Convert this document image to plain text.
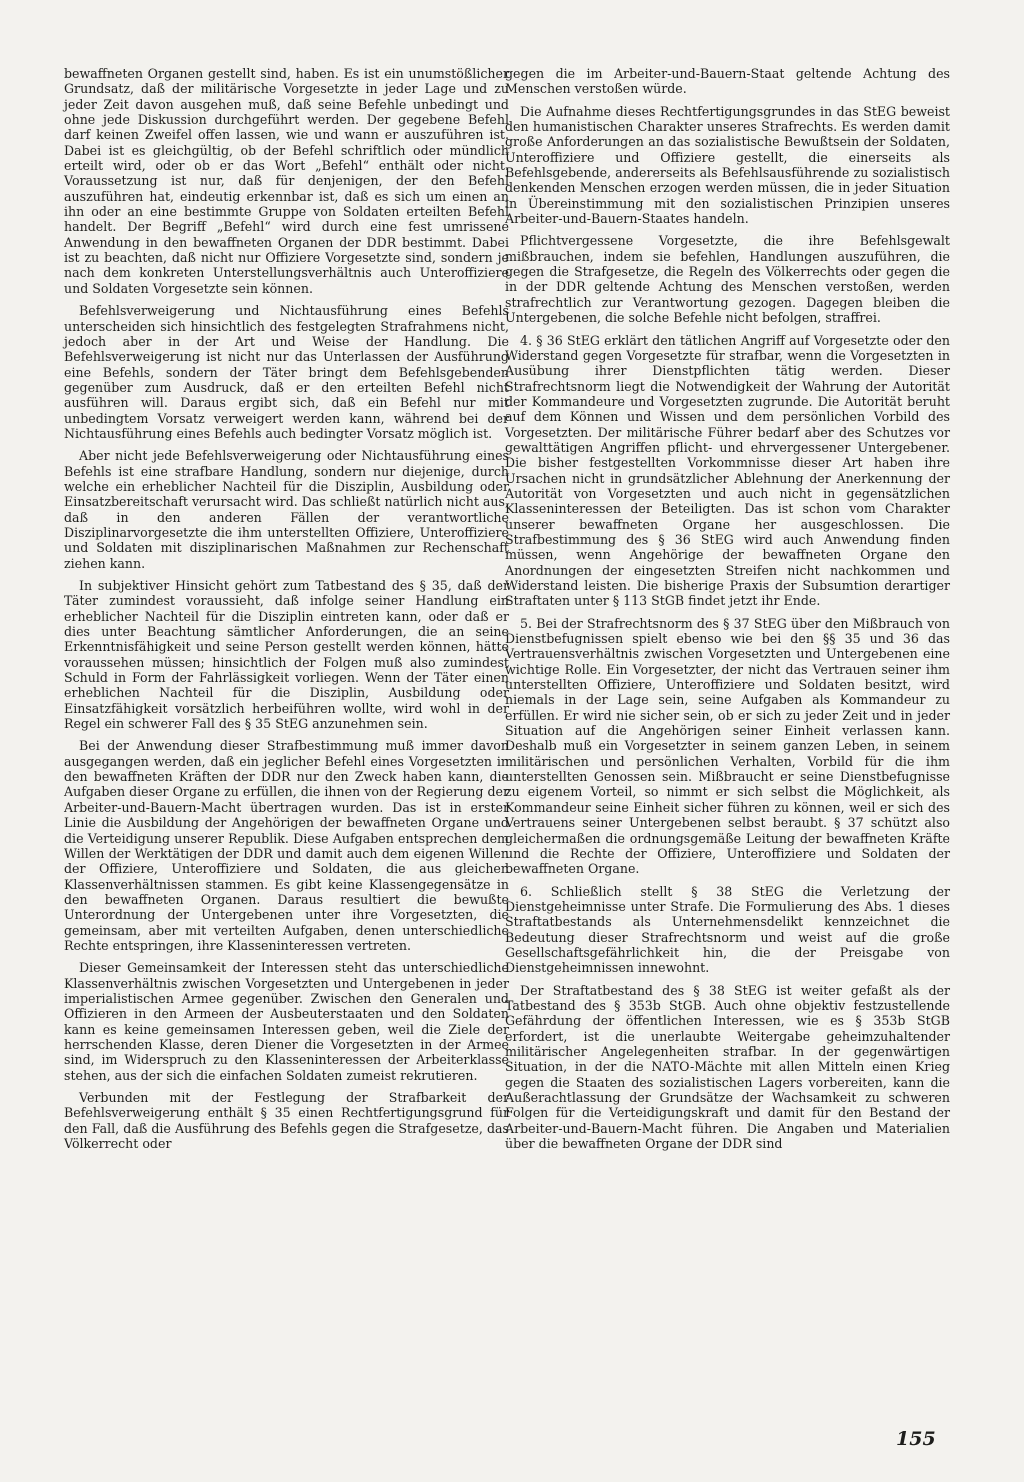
bewaffneten Organen gestellt sind, haben. Es ist ein unumstößlicher Grundsatz, daß der militärische Vorgesetzte in jeder Lage und zu jeder Zeit davon ausgehen muß, daß seine Befehle unbedingt und ohne jede Diskussion durchgeführt werden. Der gegebene Befehl darf keinen Zweifel offen lassen, wie und wann er auszuführen ist. Dabei ist es gleichgültig, ob der Befehl schriftlich oder mündlich erteilt wird, oder ob er das Wort „Befehl“ enthält oder nicht. Voraussetzung ist nur, daß für denjenigen, der den Befehl auszuführen hat, eindeutig erkennbar ist, daß es sich um einen an ihn oder an eine bestimmte Gruppe von Soldaten erteilten Befehl handelt. Der Begriff „Befehl“ wird durch eine fest umrissene Anwendung in den bewaffneten Organen der DDR bestimmt. Dabei ist zu beachten, daß nicht nur Offiziere Vorgesetzte sind, sondern je nach dem konkreten Unterstellungsverhältnis auch Unteroffiziere und Soldaten Vorgesetzte sein können.

Befehlsverweigerung und Nichtausführung eines Befehls unterscheiden sich hinsichtlich des festgelegten Strafrahmens nicht, jedoch aber in der Art und Weise der Handlung. Die Befehlsverweigerung ist nicht nur das Unterlassen der Ausführung eine Befehls, sondern der Täter bringt dem Befehlsgebenden gegenüber zum Ausdruck, daß er den erteilten Befehl nicht ausführen will. Daraus ergibt sich, daß ein Befehl nur mit unbedingtem Vorsatz verweigert werden kann, während bei der Nichtausführung eines Befehls auch bedingter Vorsatz möglich ist.

Aber nicht jede Befehlsverweigerung oder Nichtausführung eines Befehls ist eine strafbare Handlung, sondern nur diejenige, durch welche ein erheblicher Nachteil für die Disziplin, Ausbildung oder Einsatzbereitschaft verursacht wird. Das schließt natürlich nicht aus, daß in den anderen Fällen der verantwortliche Disziplinarvorgesetzte die ihm unterstellten Offiziere, Unteroffiziere und Soldaten mit disziplinarischen Maßnahmen zur Rechenschaft ziehen kann.

In subjektiver Hinsicht gehört zum Tatbestand des § 35, daß der Täter zumindest voraussieht, daß infolge seiner Handlung ein erheblicher Nachteil für die Disziplin eintreten kann, oder daß er dies unter Beachtung sämtlicher Anforderungen, die an seine Erkenntnisfähigkeit und seine Person gestellt werden können, hätte voraussehen müssen; hinsichtlich der Folgen muß also zumindest Schuld in Form der Fahrlässigkeit vorliegen. Wenn der Täter einen erheblichen Nachteil für die Disziplin, Ausbildung oder Einsatzfähigkeit vorsätzlich herbeiführen wollte, wird wohl in der Regel ein schwerer Fall des § 35 StEG anzunehmen sein.

Bei der Anwendung dieser Strafbestimmung muß immer davon ausgegangen werden, daß ein jeglicher Befehl eines Vorgesetzten in den bewaffneten Kräften der DDR nur den Zweck haben kann, die Aufgaben dieser Organe zu erfüllen, die ihnen von der Regierung der Arbeiter-und-Bauern-Macht übertragen wurden. Das ist in erster Linie die Ausbildung der Angehörigen der bewaffneten Organe und die Verteidigung unserer Republik. Diese Aufgaben entsprechen dem Willen der Werktätigen der DDR und damit auch dem eigenen Willen der Offiziere, Unteroffiziere und Soldaten, die aus gleichen Klassenverhältnissen stammen. Es gibt keine Klassengegensätze in den bewaffneten Organen. Daraus resultiert die bewußte Unterordnung der Untergebenen unter ihre Vorgesetzten, die gemeinsam, aber mit verteilten Aufgaben, denen unterschiedliche Rechte entspringen, ihre Klasseninteressen vertreten.

Dieser Gemeinsamkeit der Interessen steht das unterschiedliche Klassenverhältnis zwischen Vorgesetzten und Untergebenen in jeder imperialistischen Armee gegenüber. Zwischen den Generalen und Offizieren in den Armeen der Ausbeuterstaaten und den Soldaten kann es keine gemeinsamen Interessen geben, weil die Ziele der herrschenden Klasse, deren Diener die Vorgesetzten in der Armee sind, im Widerspruch zu den Klasseninteressen der Arbeiterklasse stehen, aus der sich die einfachen Soldaten zumeist rekrutieren.

Verbunden mit der Festlegung der Strafbarkeit der Befehlsverweigerung enthält § 35 einen Rechtfertigungsgrund für den Fall, daß die Ausführung des Befehls gegen die Strafgesetze, das Völkerrecht oder

gegen die im Arbeiter-und-Bauern-Staat geltende Achtung des Menschen verstoßen würde.

Die Aufnahme dieses Rechtfertigungsgrundes in das StEG beweist den humanistischen Charakter unseres Strafrechts. Es werden damit große Anforderungen an das sozialistische Bewußtsein der Soldaten, Unteroffiziere und Offiziere gestellt, die einerseits als Befehlsgebende, andererseits als Befehlsausführende zu sozialistisch denkenden Menschen erzogen werden müssen, die in jeder Situation in Übereinstimmung mit den sozialistischen Prinzipien unseres Arbeiter-und-Bauern-Staates handeln.

Pflichtvergessene Vorgesetzte, die ihre Befehlsgewalt mißbrauchen, indem sie befehlen, Handlungen auszuführen, die gegen die Strafgesetze, die Regeln des Völkerrechts oder gegen die in der DDR geltende Achtung des Menschen verstoßen, werden strafrechtlich zur Verantwortung gezogen. Dagegen bleiben die Untergebenen, die solche Befehle nicht befolgen, straffrei.

4. § 36 StEG erklärt den tätlichen Angriff auf Vorgesetzte oder den Widerstand gegen Vorgesetzte für strafbar, wenn die Vorgesetzten in Ausübung ihrer Dienstpflichten tätig werden. Dieser Strafrechtsnorm liegt die Notwendigkeit der Wahrung der Autorität der Kommandeure und Vorgesetzten zugrunde. Die Autorität beruht auf dem Können und Wissen und dem persönlichen Vorbild des Vorgesetzten. Der militärische Führer bedarf aber des Schutzes vor gewalttätigen Angriffen pflicht- und ehrvergessener Untergebener. Die bisher festgestellten Vorkommnisse dieser Art haben ihre Ursachen nicht in grundsätzlicher Ablehnung der Anerkennung der Autorität von Vorgesetzten und auch nicht in gegensätzlichen Klasseninteressen der Beteiligten. Das ist schon vom Charakter unserer bewaffneten Organe her ausgeschlossen. Die Strafbestimmung des § 36 StEG wird auch Anwendung finden müssen, wenn Angehörige der bewaffneten Organe den Anordnungen der eingesetzten Streifen nicht nachkommen und Widerstand leisten. Die bisherige Praxis der Subsumtion derartiger Straftaten unter § 113 StGB findet jetzt ihr Ende.

5. Bei der Strafrechtsnorm des § 37 StEG über den Mißbrauch von Dienstbefugnissen spielt ebenso wie bei den §§ 35 und 36 das Vertrauensverhältnis zwischen Vorgesetzten und Untergebenen eine wichtige Rolle. Ein Vorgesetzter, der nicht das Vertrauen seiner ihm unterstellten Offiziere, Unteroffiziere und Soldaten besitzt, wird niemals in der Lage sein, seine Aufgaben als Kommandeur zu erfüllen. Er wird nie sicher sein, ob er sich zu jeder Zeit und in jeder Situation auf die Angehörigen seiner Einheit verlassen kann. Deshalb muß ein Vorgesetzter in seinem ganzen Leben, in seinem militärischen und persönlichen Verhalten, Vorbild für die ihm unterstellten Genossen sein. Mißbraucht er seine Dienstbefugnisse zu eigenem Vorteil, so nimmt er sich selbst die Möglichkeit, als Kommandeur seine Einheit sicher führen zu können, weil er sich des Vertrauens seiner Untergebenen selbst beraubt. § 37 schützt also gleichermaßen die ordnungsgemäße Leitung der bewaffneten Kräfte und die Rechte der Offiziere, Unteroffiziere und Soldaten der bewaffneten Organe.

6. Schließlich stellt § 38 StEG die Verletzung der Dienstgeheimnisse unter Strafe. Die Formulierung des Abs. 1 dieses Straftatbestands als Unternehmensdelikt kennzeichnet die Bedeutung dieser Strafrechtsnorm und weist auf die große Gesellschaftsgefährlichkeit hin, die der Preisgabe von Dienstgeheimnissen innewohnt.

Der Straftatbestand des § 38 StEG ist weiter gefaßt als der Tatbestand des § 353b StGB. Auch ohne objektiv festzustellende Gefährdung der öffentlichen Interessen, wie es § 353b StGB erfordert, ist die unerlaubte Weitergabe geheimzuhaltender militärischer Angelegenheiten strafbar. In der gegenwärtigen Situation, in der die NATO-Mächte mit allen Mitteln einen Krieg gegen die Staaten des sozialistischen Lagers vorbereiten, kann die Außerachtlassung der Grundsätze der Wachsamkeit zu schweren Folgen für die Verteidigungskraft und damit für den Bestand der Arbeiter-und-Bauern-Macht führen. Die Angaben und Materialien über die bewaffneten Organe der DDR sind

155
